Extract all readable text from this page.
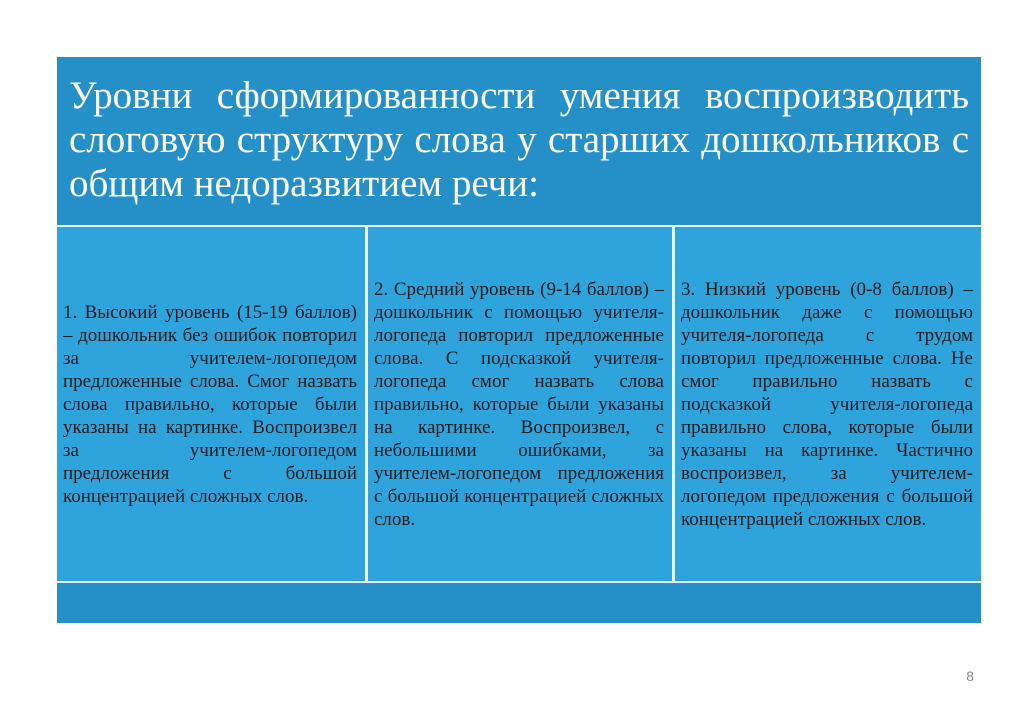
Уровни сформированности умения воспроизводить слоговую структуру слова у старших дошкольников с общим недоразвитием речи:
1. Высокий уровень (15-19 баллов) – дошкольник без ошибок повторил за учителем-логопедом предложенные слова. Смог назвать слова правильно, которые были указаны на картинке. Воспроизвел за учителем-логопедом предложения с большой концентрацией сложных слов.
2. Средний уровень (9-14 баллов) – дошкольник с помощью учителя-логопеда повторил предложенные слова. С подсказкой учителя-логопеда смог назвать слова правильно, которые были указаны на картинке. Воспроизвел, с небольшими ошибками, за учителем-логопедом предложения с большой концентрацией сложных слов.
3. Низкий уровень (0-8 баллов) – дошкольник даже с помощью учителя-логопеда с трудом повторил предложенные слова. Не смог правильно назвать с подсказкой учителя-логопеда правильно слова, которые были указаны на картинке. Частично воспроизвел, за учителем-логопедом предложения с большой концентрацией сложных слов.
8
